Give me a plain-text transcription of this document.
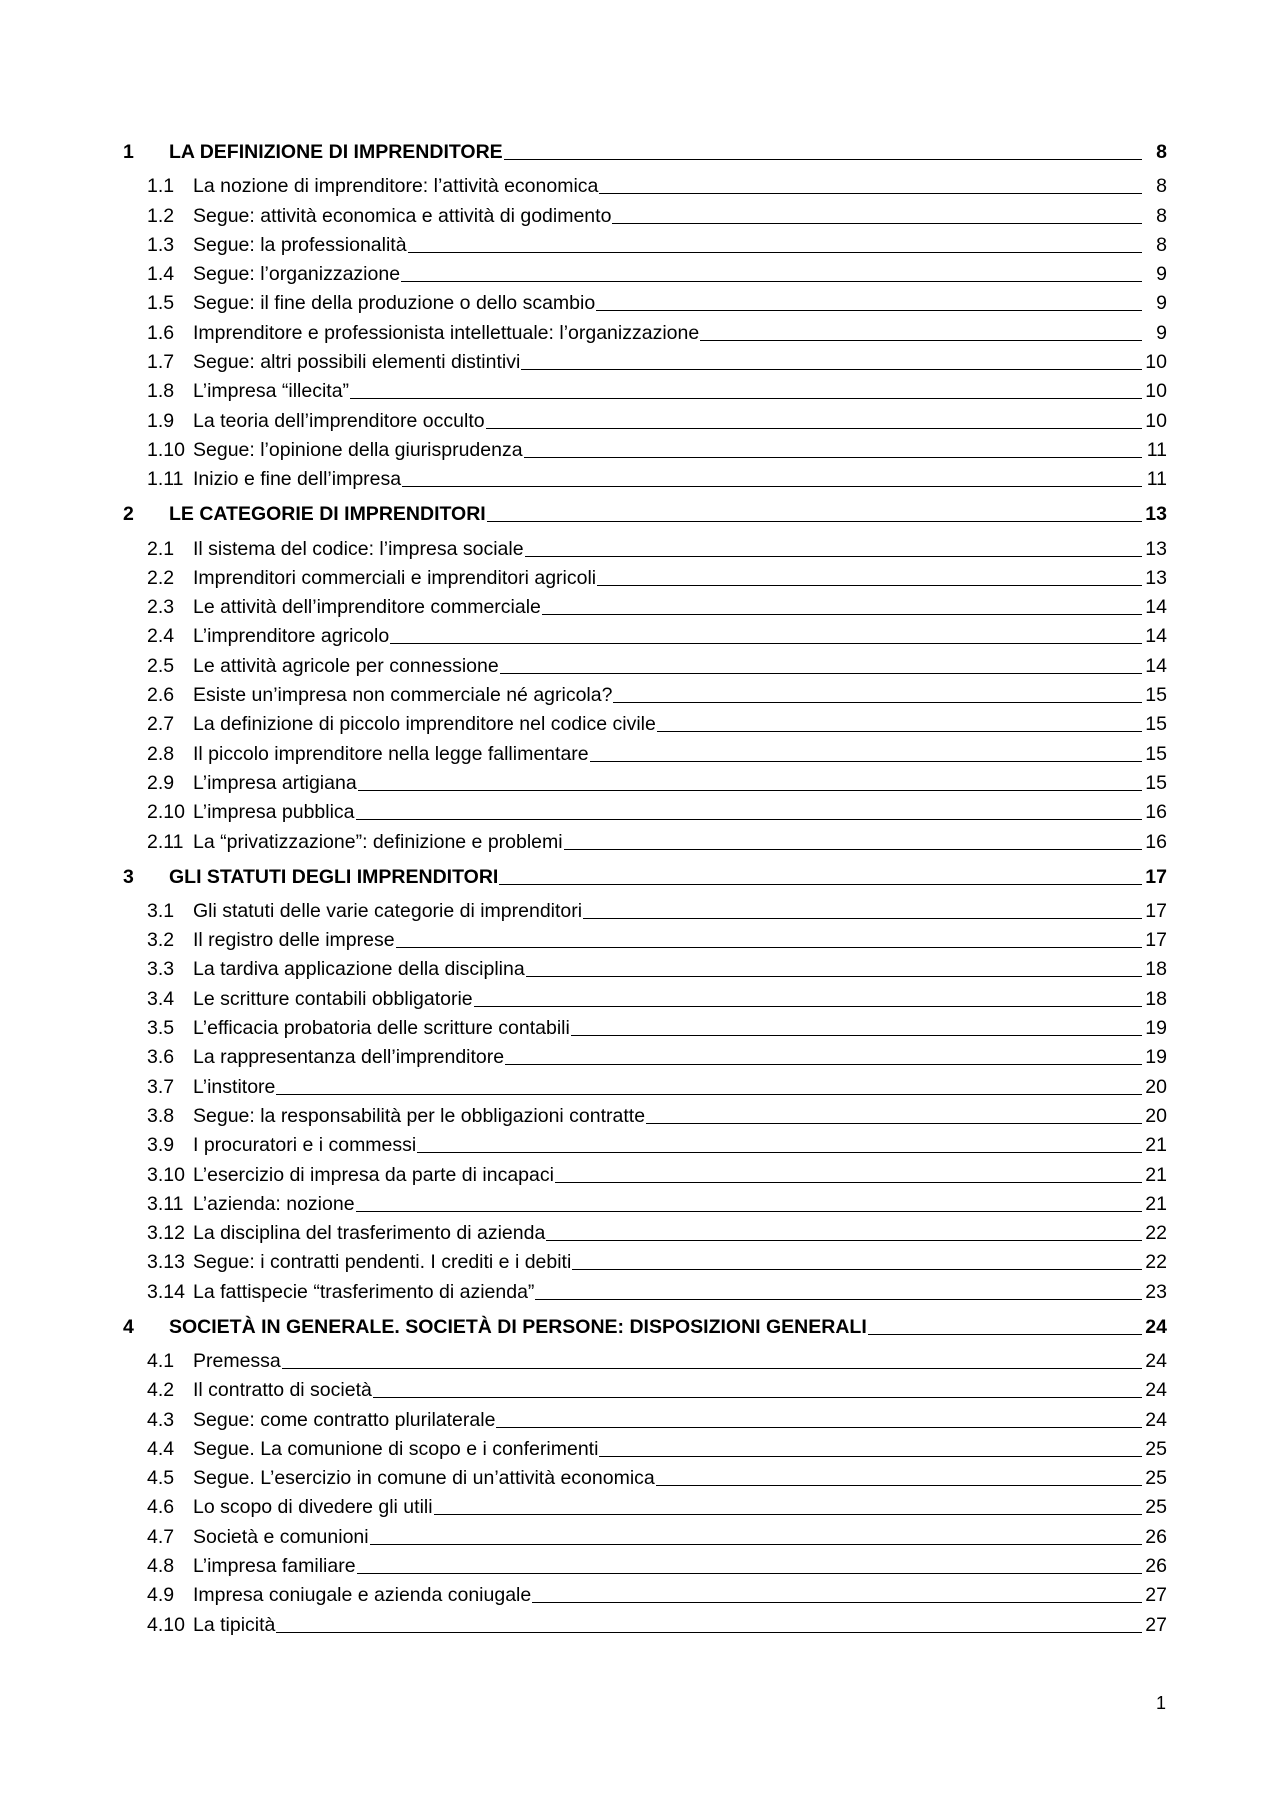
1	LA DEFINIZIONE DI IMPRENDITORE	8
1.1 La nozione di imprenditore: l’attività economica	8
1.2 Segue: attività economica e attività di godimento	8
1.3 Segue: la professionalità	8
1.4 Segue: l’organizzazione	9
1.5 Segue: il fine della produzione o dello scambio	9
1.6 Imprenditore e professionista intellettuale: l’organizzazione	9
1.7 Segue: altri possibili elementi distintivi	10
1.8 L’impresa “illecita”	10
1.9 La teoria dell’imprenditore occulto	10
1.10 Segue: l’opinione della giurisprudenza	11
1.11 Inizio e fine dell’impresa	11
2	LE CATEGORIE DI IMPRENDITORI	13
2.1 Il sistema del codice: l’impresa sociale	13
2.2 Imprenditori commerciali e imprenditori agricoli	13
2.3 Le attività dell’imprenditore commerciale	14
2.4 L’imprenditore agricolo	14
2.5 Le attività agricole per connessione	14
2.6 Esiste un’impresa non commerciale né agricola?	15
2.7 La definizione di piccolo imprenditore nel codice civile	15
2.8 Il piccolo imprenditore nella legge fallimentare	15
2.9 L’impresa artigiana	15
2.10 L’impresa pubblica	16
2.11 La “privatizzazione”: definizione e problemi	16
3	GLI STATUTI DEGLI IMPRENDITORI	17
3.1 Gli statuti delle varie categorie di imprenditori	17
3.2 Il registro delle imprese	17
3.3 La tardiva applicazione della disciplina	18
3.4 Le scritture contabili obbligatorie	18
3.5 L’efficacia probatoria delle scritture contabili	19
3.6 La rappresentanza dell’imprenditore	19
3.7 L’institore	20
3.8 Segue: la responsabilità per le obbligazioni contratte	20
3.9 I procuratori e i commessi	21
3.10 L’esercizio di impresa da parte di incapaci	21
3.11 L’azienda: nozione	21
3.12 La disciplina del trasferimento di azienda	22
3.13 Segue: i contratti pendenti. I crediti e i debiti	22
3.14 La fattispecie “trasferimento di azienda”	23
4	SOCIETÀ IN GENERALE. SOCIETÀ DI PERSONE: DISPOSIZIONI GENERALI	24
4.1 Premessa	24
4.2 Il contratto di società	24
4.3 Segue: come contratto plurilaterale	24
4.4 Segue. La comunione di scopo e i conferimenti	25
4.5 Segue. L’esercizio in comune di un’attività economica	25
4.6 Lo scopo di divedere gli utili	25
4.7 Società e comunioni	26
4.8 L’impresa familiare	26
4.9 Impresa coniugale e azienda coniugale	27
4.10 La tipicità	27
1
